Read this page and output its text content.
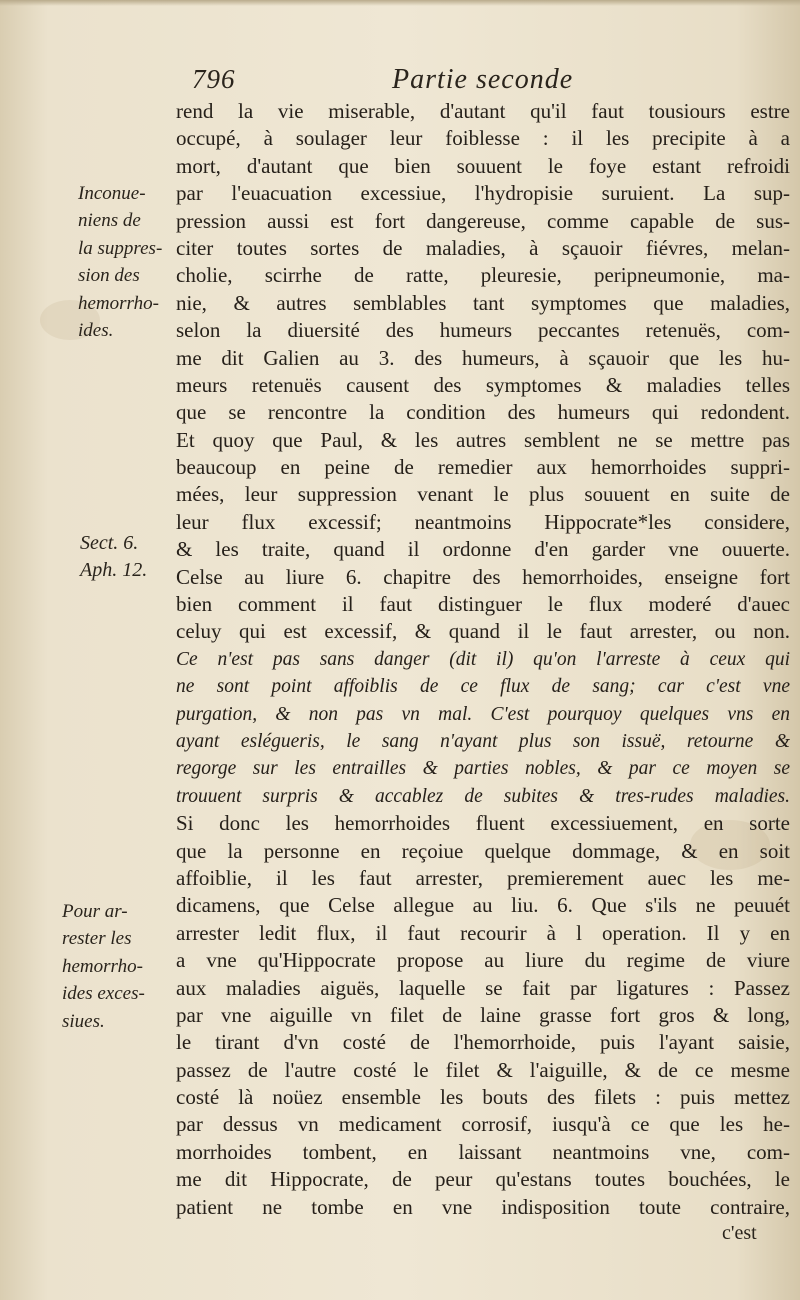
796	Partie seconde
Inconue-
niens de
la suppres-
sion des
hemorrho-
ides.
Sect. 6.
Aph. 12.
Pour ar-
rester les
hemorrho-
ides exces-
siues.
rend la vie miserable, d'autant qu'il faut tousiours estre
occupé, à soulager leur foiblesse : il les precipite à a
mort, d'autant que bien souuent le foye estant refroidi
par l'euacuation excessiue, l'hydropisie suruient. La sup-
pression aussi est fort dangereuse, comme capable de sus-
citer toutes sortes de maladies, à sçauoir fiévres, melan-
cholie, scirrhe de ratte, pleuresie, peripneumonie, ma-
nie, & autres semblables tant symptomes que maladies,
selon la diuersité des humeurs peccantes retenuës, com-
me dit Galien au 3. des humeurs, à sçauoir que les hu-
meurs retenuës causent des symptomes & maladies telles
que se rencontre la condition des humeurs qui redondent.
Et quoy que Paul, & les autres semblent ne se mettre pas
beaucoup en peine de remedier aux hemorrhoides suppri-
mées, leur suppression venant le plus souuent en suite de
leur flux excessif; neantmoins Hippocrate*les considere,
& les traite, quand il ordonne d'en garder vne ouuerte.
Celse au liure 6. chapitre des hemorrhoides, enseigne fort
bien comment il faut distinguer le flux moderé d'auec
celuy qui est excessif, & quand il le faut arrester, ou non.
Ce n'est pas sans danger (dit il) qu'on l'arreste à ceux qui
ne sont point affoiblis de ce flux de sang; car c'est vne
purgation, & non pas vn mal. C'est pourquoy quelques vns en
ayant eslégueris, le sang n'ayant plus son issuë, retourne &
regorge sur les entrailles & parties nobles, & par ce moyen se
trouuent surpris & accablez de subites & tres-rudes maladies.
Si donc les hemorrhoides fluent excessiuement, en sorte
que la personne en reçoiue quelque dommage, & en soit
affoiblie, il les faut arrester, premierement auec les me-
dicamens, que Celse allegue au liu. 6. Que s'ils ne peuuét
arrester ledit flux, il faut recourir à l operation. Il y en
a vne qu'Hippocrate propose au liure du regime de viure
aux maladies aiguës, laquelle se fait par ligatures : Passez
par vne aiguille vn filet de laine grasse fort gros & long,
le tirant d'vn costé de l'hemorrhoide, puis l'ayant saisie,
passez de l'autre costé le filet & l'aiguille, & de ce mesme
costé là noüez ensemble les bouts des filets : puis mettez
par dessus vn medicament corrosif, iusqu'à ce que les he-
morrhoides tombent, en laissant neantmoins vne, com-
me dit Hippocrate, de peur qu'estans toutes bouchées, le
patient ne tombe en vne indisposition toute contraire,
c'est
